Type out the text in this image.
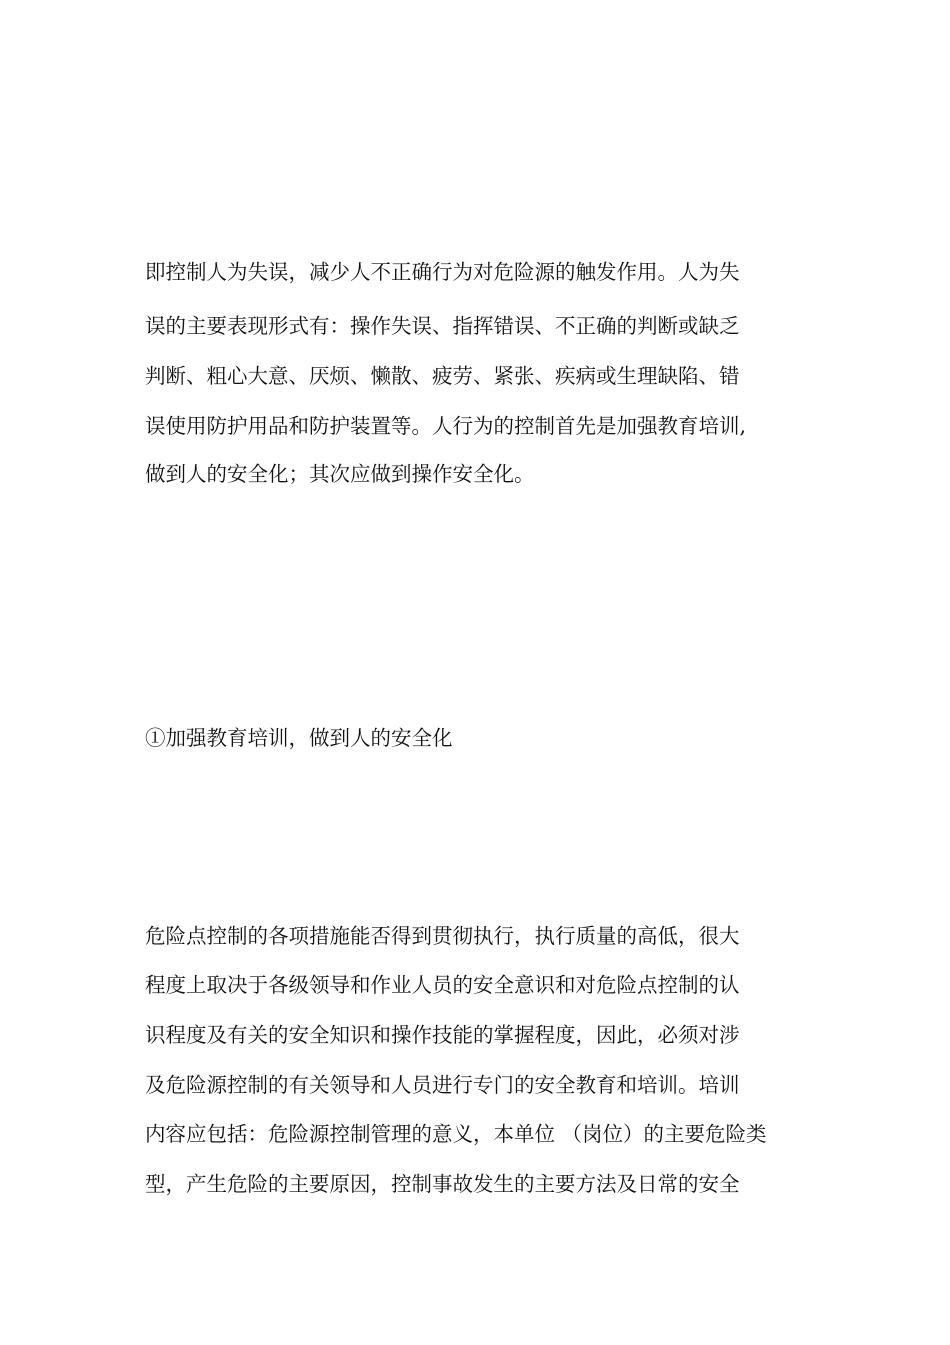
即控制人为失误，减少人不正确行为对危险源的触发作用。人为失
误的主要表现形式有：操作失误、指挥错误、不正确的判断或缺乏
判断、粗心大意、厌烦、懒散、疲劳、紧张、疾病或生理缺陷、错
误使用防护用品和防护装置等。人行为的控制首先是加强教育培训,
做到人的安全化；其次应做到操作安全化。
①加强教育培训，做到人的安全化
危险点控制的各项措施能否得到贯彻执行，执行质量的高低，很大
程度上取决于各级领导和作业人员的安全意识和对危险点控制的认
识程度及有关的安全知识和操作技能的掌握程度，因此，必须对涉
及危险源控制的有关领导和人员进行专门的安全教育和培训。培训
内容应包括：危险源控制管理的意义，本单位 （岗位）的主要危险类
型，产生危险的主要原因，控制事故发生的主要方法及日常的安全
